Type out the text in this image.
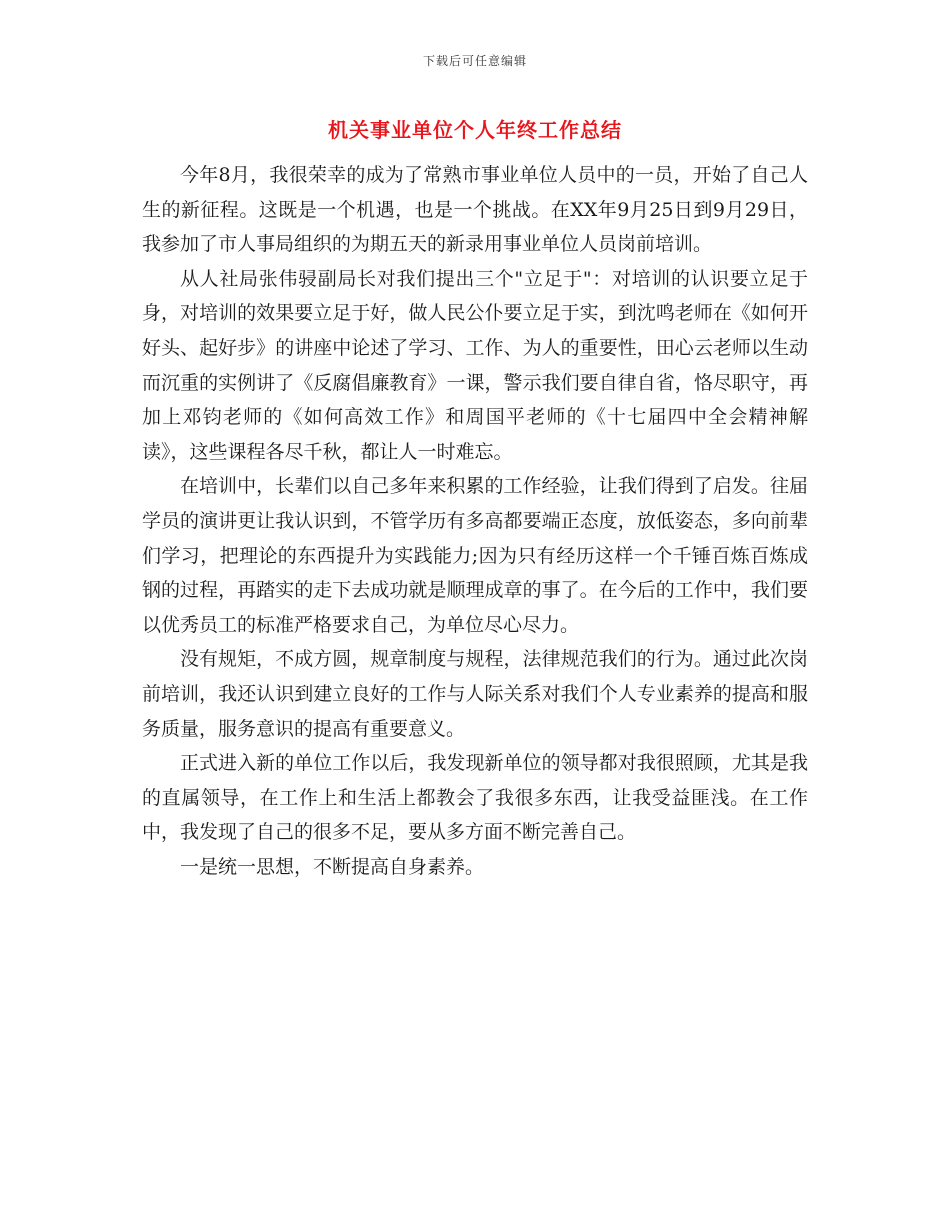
下载后可任意编辑
机关事业单位个人年终工作总结

今年8月，我很荣幸的成为了常熟市事业单位人员中的一员，开始了自己人生的新征程。这既是一个机遇，也是一个挑战。在XX年9月25日到9月29日，我参加了市人事局组织的为期五天的新录用事业单位人员岗前培训。

从人社局张伟骎副局长对我们提出三个"立足于"：对培训的认识要立足于身，对培训的效果要立足于好，做人民公仆要立足于实，到沈鸣老师在《如何开好头、起好步》的讲座中论述了学习、工作、为人的重要性，田心云老师以生动而沉重的实例讲了《反腐倡廉教育》一课，警示我们要自律自省，恪尽职守，再加上邓钧老师的《如何高效工作》和周国平老师的《十七届四中全会精神解读》，这些课程各尽千秋，都让人一时难忘。

在培训中，长辈们以自己多年来积累的工作经验，让我们得到了启发。往届学员的演讲更让我认识到，不管学历有多高都要端正态度，放低姿态，多向前辈们学习，把理论的东西提升为实践能力;因为只有经历这样一个千锤百炼百炼成钢的过程，再踏实的走下去成功就是顺理成章的事了。在今后的工作中，我们要以优秀员工的标准严格要求自己，为单位尽心尽力。

没有规矩，不成方圆，规章制度与规程，法律规范我们的行为。通过此次岗前培训，我还认识到建立良好的工作与人际关系对我们个人专业素养的提高和服务质量，服务意识的提高有重要意义。

正式进入新的单位工作以后，我发现新单位的领导都对我很照顾，尤其是我的直属领导，在工作上和生活上都教会了我很多东西，让我受益匪浅。在工作中，我发现了自己的很多不足，要从多方面不断完善自己。

一是统一思想，不断提高自身素养。
